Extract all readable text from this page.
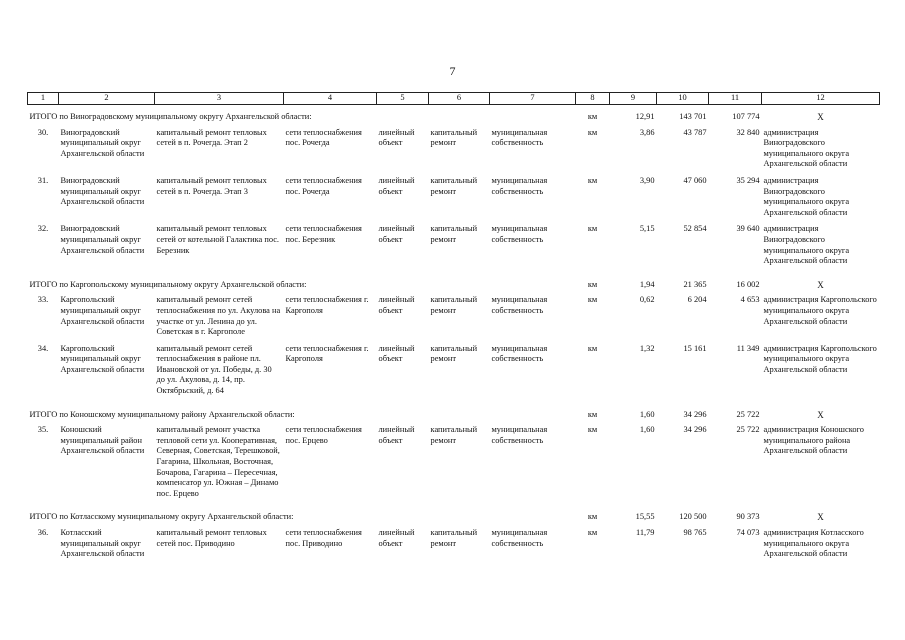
7
1	2	3	4	5	6	7	8	9	10	11	12
ИТОГО по Виноградовскому муниципальному округу Архангельской области:							км	12,91	143 701	107 774	Х
30.	Виноградовский муниципальный округ Архангельской области	капитальный ремонт тепловых сетей в п. Рочегда. Этап 2	сети теплоснабжения пос. Рочегда	линейный объект	капитальный ремонт	муниципальная собственность	км	3,86	43 787	32 840	администрация Виноградовского муниципального округа Архангельской области
31.	Виноградовский муниципальный округ Архангельской области	капитальный ремонт тепловых сетей в п. Рочегда. Этап 3	сети теплоснабжения пос. Рочегда	линейный объект	капитальный ремонт	муниципальная собственность	км	3,90	47 060	35 294	администрация Виноградовского муниципального округа Архангельской области
32.	Виноградовский муниципальный округ Архангельской области	капитальный ремонт тепловых сетей от котельной Галактика пос. Березник	сети теплоснабжения пос. Березник	линейный объект	капитальный ремонт	муниципальная собственность	км	5,15	52 854	39 640	администрация Виноградовского муниципального округа Архангельской области
ИТОГО по Каргопольскому муниципальному округу Архангельской области:							км	1,94	21 365	16 002	Х
33.	Каргопольский муниципальный округ Архангельской области	капитальный ремонт сетей теплоснабжения по ул. Акулова на участке от ул. Ленина до ул. Советская в г. Каргополе	сети теплоснабжения г. Каргополя	линейный объект	капитальный ремонт	муниципальная собственность	км	0,62	6 204	4 653	администрация Каргопольского муниципального округа Архангельской области
34.	Каргопольский муниципальный округ Архангельской области	капитальный ремонт сетей теплоснабжения в районе пл. Ивановской от ул. Победы, д. 30 до ул. Акулова, д. 14, пр. Октябрьский, д. 64	сети теплоснабжения г. Каргополя	линейный объект	капитальный ремонт	муниципальная собственность	км	1,32	15 161	11 349	администрация Каргопольского муниципального округа Архангельской области
ИТОГО по Коношскому муниципальному району Архангельской области:							км	1,60	34 296	25 722	Х
35.	Коношский муниципальный район Архангельской области	капитальный ремонт участка тепловой сети ул. Кооперативная, Северная, Советская, Терешковой, Гагарина, Школьная, Восточная, Бочарова, Гагарина – Пересечная, компенсатор ул. Южная – Динамо пос. Ерцево	сети теплоснабжения пос. Ерцево	линейный объект	капитальный ремонт	муниципальная собственность	км	1,60	34 296	25 722	администрация Коношского муниципального района Архангельской области
ИТОГО по Котласскому муниципальному округу Архангельской области:							км	15,55	120 500	90 373	Х
36.	Котласский муниципальный округ Архангельской области	капитальный ремонт тепловых сетей пос. Приводино	сети теплоснабжения пос. Приводино	линейный объект	капитальный ремонт	муниципальная собственность	км	11,79	98 765	74 073	администрация Котласского муниципального округа Архангельской области
